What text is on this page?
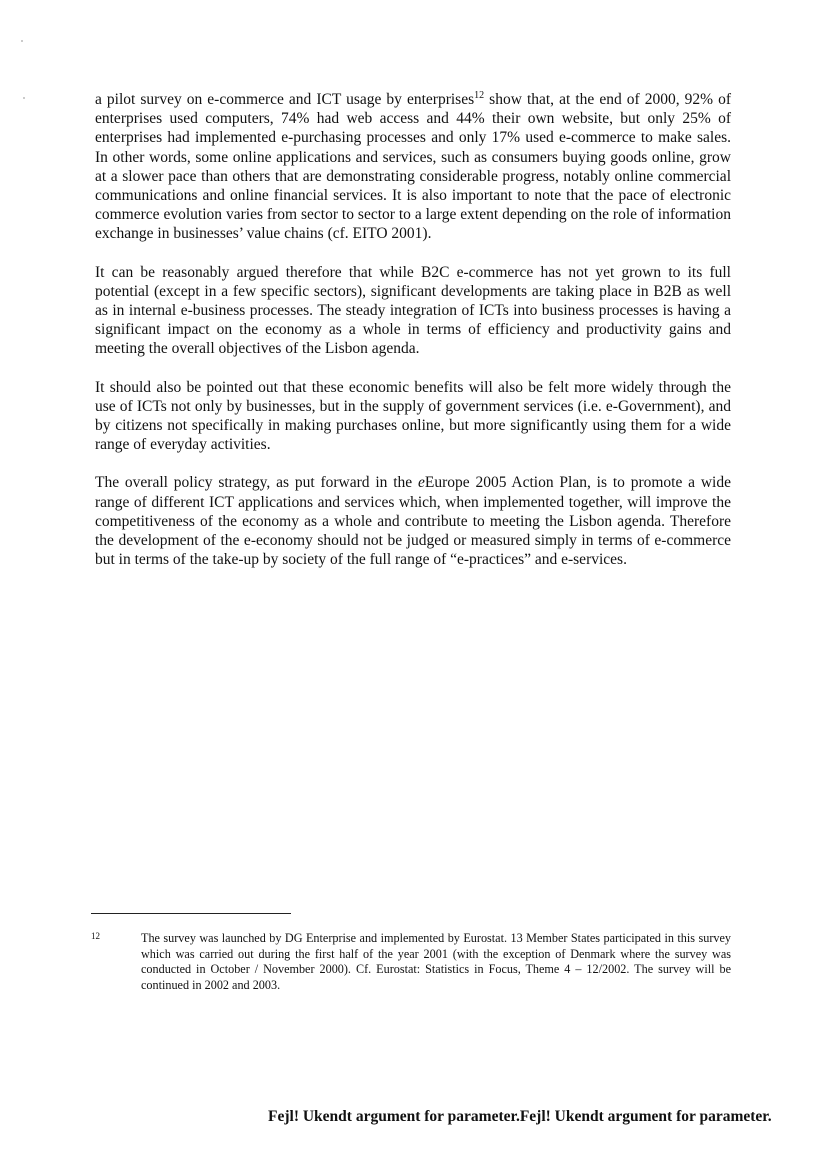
a pilot survey on e-commerce and ICT usage by enterprises$^{12}$ show that, at the end of 2000, 92% of enterprises used computers, 74% had web access and 44% their own website, but only 25% of enterprises had implemented e-purchasing processes and only 17% used e-commerce to make sales. In other words, some online applications and services, such as consumers buying goods online, grow at a slower pace than others that are demonstrating considerable progress, notably online commercial communications and online financial services. It is also important to note that the pace of electronic commerce evolution varies from sector to sector to a large extent depending on the role of information exchange in businesses’ value chains (cf. EITO 2001).

It can be reasonably argued therefore that while B2C e-commerce has not yet grown to its full potential (except in a few specific sectors), significant developments are taking place in B2B as well as in internal e-business processes. The steady integration of ICTs into business processes is having a significant impact on the economy as a whole in terms of efficiency and productivity gains and meeting the overall objectives of the Lisbon agenda.

It should also be pointed out that these economic benefits will also be felt more widely through the use of ICTs not only by businesses, but in the supply of government services (i.e. e-Government), and by citizens not specifically in making purchases online, but more significantly using them for a wide range of everyday activities.

The overall policy strategy, as put forward in the eEurope 2005 Action Plan, is to promote a wide range of different ICT applications and services which, when implemented together, will improve the competitiveness of the economy as a whole and contribute to meeting the Lisbon agenda. Therefore the development of the e-economy should not be judged or measured simply in terms of e-commerce but in terms of the take-up by society of the full range of “e-practices” and e-services.

12	The survey was launched by DG Enterprise and implemented by Eurostat. 13 Member States participated in this survey which was carried out during the first half of the year 2001 (with the exception of Denmark where the survey was conducted in October / November 2000). Cf. Eurostat: Statistics in Focus, Theme 4 – 12/2002. The survey will be continued in 2002 and 2003.
Fejl! Ukendt argument for parameter.Fejl! Ukendt argument for parameter.
